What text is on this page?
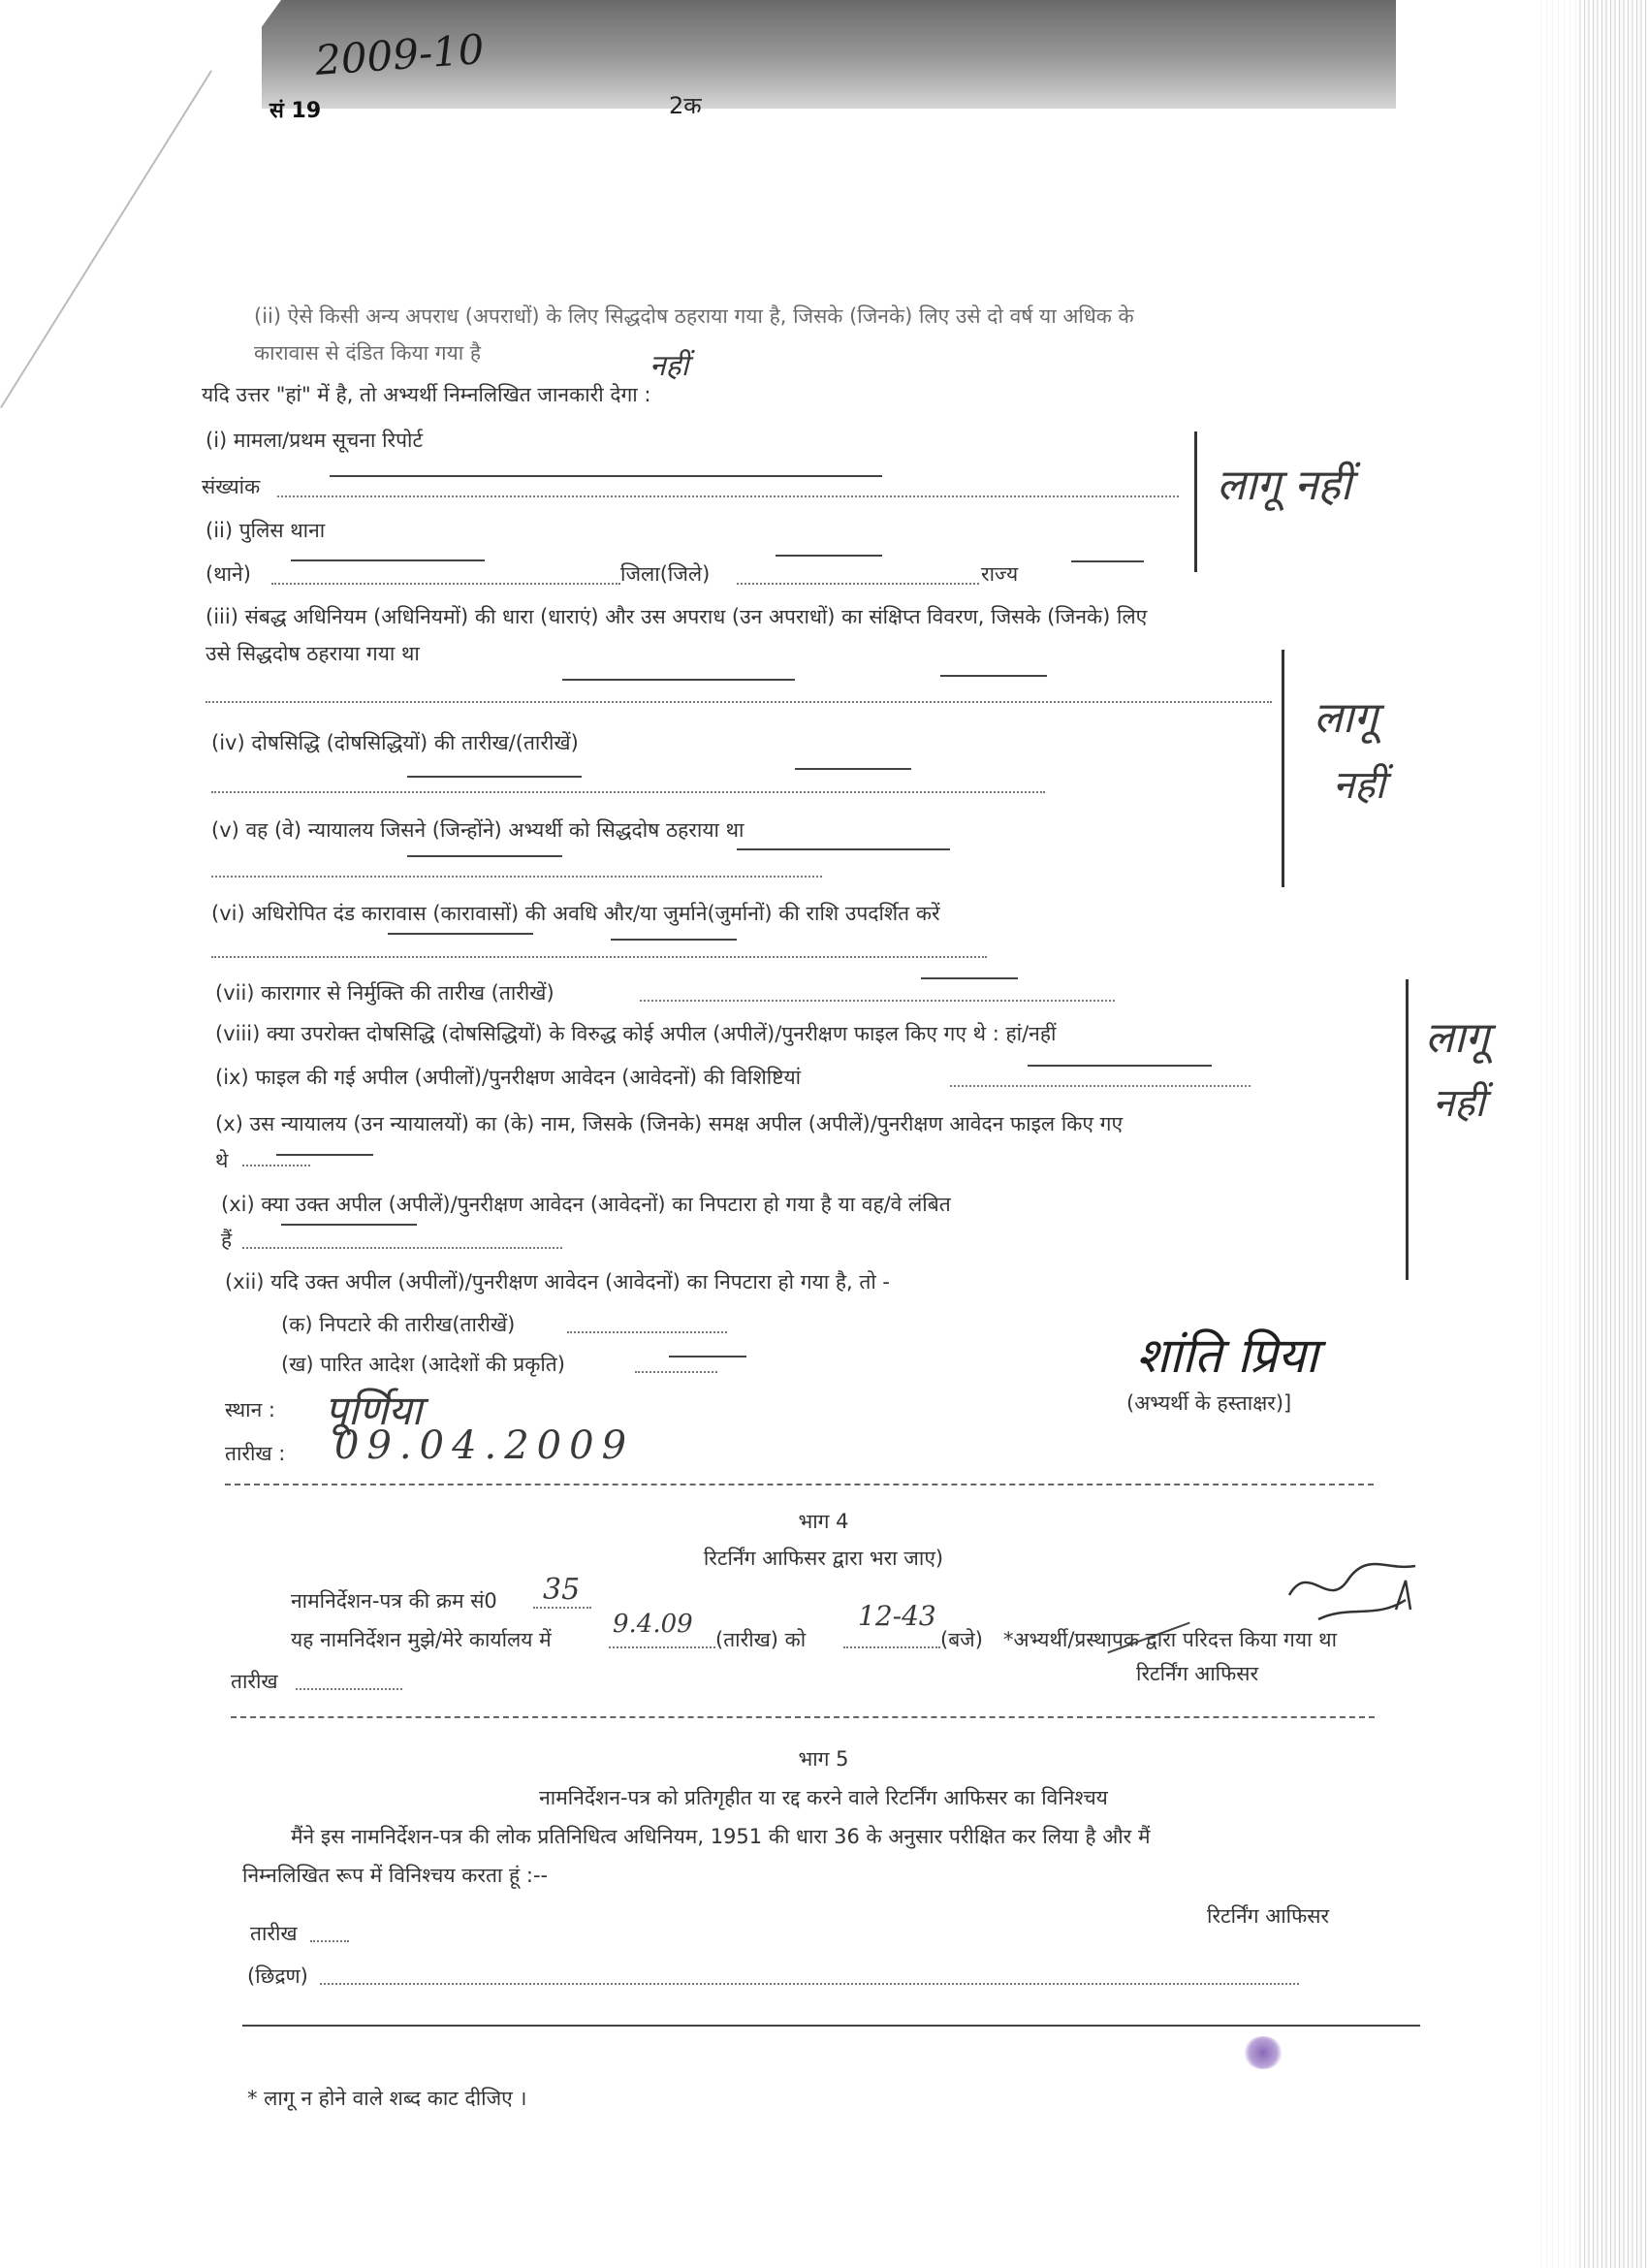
2009-10
सं 19	2क
(ii) ऐसे किसी अन्य अपराध (अपराधों) के लिए सिद्धदोष ठहराया गया है, जिसके (जिनके) लिए उसे दो वर्ष या अधिक के
कारावास से दंडित किया गया है	नहीं
यदि उत्तर "हां" में है, तो अभ्यर्थी निम्नलिखित जानकारी देगा :
(i) मामला/प्रथम सूचना रिपोर्ट
संख्यांक
(ii) पुलिस थाना
(थाने)	जिला(जिले)	राज्य
लागू नहीं
(iii) संबद्ध अधिनियम (अधिनियमों) की धारा (धाराएं) और उस अपराध (उन अपराधों) का संक्षिप्त विवरण, जिसके (जिनके) लिए
उसे सिद्धदोष ठहराया गया था
(iv) दोषसिद्धि (दोषसिद्धियों) की तारीख/(तारीखें)
(v) वह (वे) न्यायालय जिसने (जिन्होंने) अभ्यर्थी को सिद्धदोष ठहराया था
लागू
नहीं
(vi) अधिरोपित दंड कारावास (कारावासों) की अवधि और/या जुर्माने(जुर्मानों) की राशि उपदर्शित करें
(vii) कारागार से निर्मुक्ति की तारीख (तारीखें)
(viii) क्या उपरोक्त दोषसिद्धि (दोषसिद्धियों) के विरुद्ध कोई अपील (अपीलें)/पुनरीक्षण फाइल किए गए थे : हां/नहीं
(ix) फाइल की गई अपील (अपीलों)/पुनरीक्षण आवेदन (आवेदनों) की विशिष्टियां
(x) उस न्यायालय (उन न्यायालयों) का (के) नाम, जिसके (जिनके) समक्ष अपील (अपीलें)/पुनरीक्षण आवेदन फाइल किए गए
थे
(xi) क्या उक्त अपील (अपीलें)/पुनरीक्षण आवेदन (आवेदनों) का निपटारा हो गया है या वह/वे लंबित
हैं
लागू
नहीं
(xii) यदि उक्त अपील (अपीलों)/पुनरीक्षण आवेदन (आवेदनों) का निपटारा हो गया है, तो -
(क) निपटारे की तारीख(तारीखें)
(ख) पारित आदेश (आदेशों की प्रकृति)	शांति प्रिया
(अभ्यर्थी के हस्ताक्षर)]
स्थान : पूर्णिया
तारीख : 09.04.2009
भाग 4
रिटर्निंग आफिसर द्वारा भरा जाए)
नामनिर्देशन-पत्र की क्रम सं0 35
यह नामनिर्देशन मुझे/मेरे कार्यालय में
9.4.09
(तारीख) को
12-43
(बजे) *अभ्यर्थी/प्रस्थापक द्वारा परिदत्त किया गया था
तारीख	रिटर्निंग आफिसर
भाग 5
नामनिर्देशन-पत्र को प्रतिगृहीत या रद्द करने वाले रिटर्निंग आफिसर का विनिश्चय
मैंने इस नामनिर्देशन-पत्र की लोक प्रतिनिधित्व अधिनियम, 1951 की धारा 36 के अनुसार परीक्षित कर लिया है और मैं
निम्नलिखित रूप में विनिश्चय करता हूं :--
तारीख
रिटर्निंग आफिसर
(छिद्रण)
* लागू न होने वाले शब्द काट दीजिए ।
